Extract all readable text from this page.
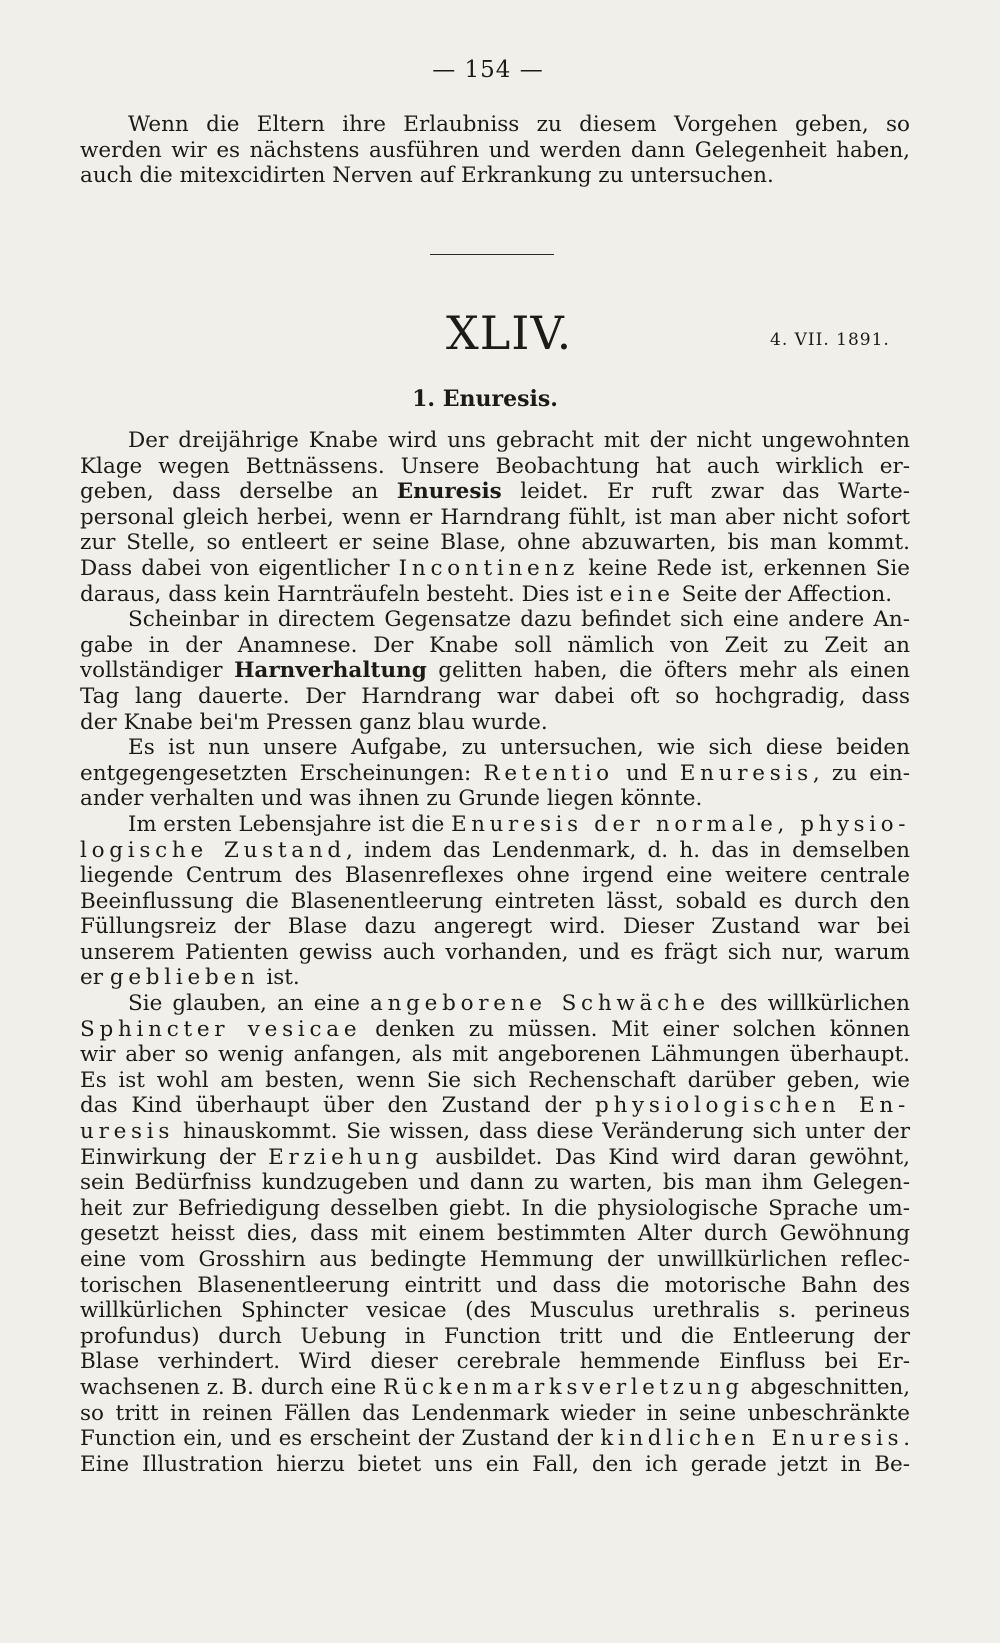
— 154 —
Wenn die Eltern ihre Erlaubniss zu diesem Vorgehen geben, so
werden wir es nächstens ausführen und werden dann Gelegenheit haben,
auch die mitexcidirten Nerven auf Erkrankung zu untersuchen.
XLIV.	4. VII. 1891.
1. Enuresis.
Der dreijährige Knabe wird uns gebracht mit der nicht ungewohnten
Klage wegen Bettnässens. Unsere Beobachtung hat auch wirklich er-
geben, dass derselbe an Enuresis leidet. Er ruft zwar das Warte-
personal gleich herbei, wenn er Harndrang fühlt, ist man aber nicht sofort
zur Stelle, so entleert er seine Blase, ohne abzuwarten, bis man kommt.
Dass dabei von eigentlicher Incontinenz keine Rede ist, erkennen Sie
daraus, dass kein Harnträufeln besteht. Dies ist eine Seite der Affection.
Scheinbar in directem Gegensatze dazu befindet sich eine andere An-
gabe in der Anamnese. Der Knabe soll nämlich von Zeit zu Zeit an
vollständiger Harnverhaltung gelitten haben, die öfters mehr als einen
Tag lang dauerte. Der Harndrang war dabei oft so hochgradig, dass
der Knabe bei'm Pressen ganz blau wurde.
Es ist nun unsere Aufgabe, zu untersuchen, wie sich diese beiden
entgegengesetzten Erscheinungen: Retentio und Enuresis, zu ein-
ander verhalten und was ihnen zu Grunde liegen könnte.
Im ersten Lebensjahre ist die Enuresis der normale, physio-
logische Zustand, indem das Lendenmark, d. h. das in demselben
liegende Centrum des Blasenreflexes ohne irgend eine weitere centrale
Beeinflussung die Blasenentleerung eintreten lässt, sobald es durch den
Füllungsreiz der Blase dazu angeregt wird. Dieser Zustand war bei
unserem Patienten gewiss auch vorhanden, und es frägt sich nur, warum
er geblieben ist.
Sie glauben, an eine angeborene Schwäche des willkürlichen
Sphincter vesicae denken zu müssen. Mit einer solchen können
wir aber so wenig anfangen, als mit angeborenen Lähmungen überhaupt.
Es ist wohl am besten, wenn Sie sich Rechenschaft darüber geben, wie
das Kind überhaupt über den Zustand der physiologischen En-
uresis hinauskommt. Sie wissen, dass diese Veränderung sich unter der
Einwirkung der Erziehung ausbildet. Das Kind wird daran gewöhnt,
sein Bedürfniss kundzugeben und dann zu warten, bis man ihm Gelegen-
heit zur Befriedigung desselben giebt. In die physiologische Sprache um-
gesetzt heisst dies, dass mit einem bestimmten Alter durch Gewöhnung
eine vom Grosshirn aus bedingte Hemmung der unwillkürlichen reflec-
torischen Blasenentleerung eintritt und dass die motorische Bahn des
willkürlichen Sphincter vesicae (des Musculus urethralis s. perineus
profundus) durch Uebung in Function tritt und die Entleerung der
Blase verhindert. Wird dieser cerebrale hemmende Einfluss bei Er-
wachsenen z. B. durch eine Rückenmarksverletzung abgeschnitten,
so tritt in reinen Fällen das Lendenmark wieder in seine unbeschränkte
Function ein, und es erscheint der Zustand der kindlichen Enuresis.
Eine Illustration hierzu bietet uns ein Fall, den ich gerade jetzt in Be-
